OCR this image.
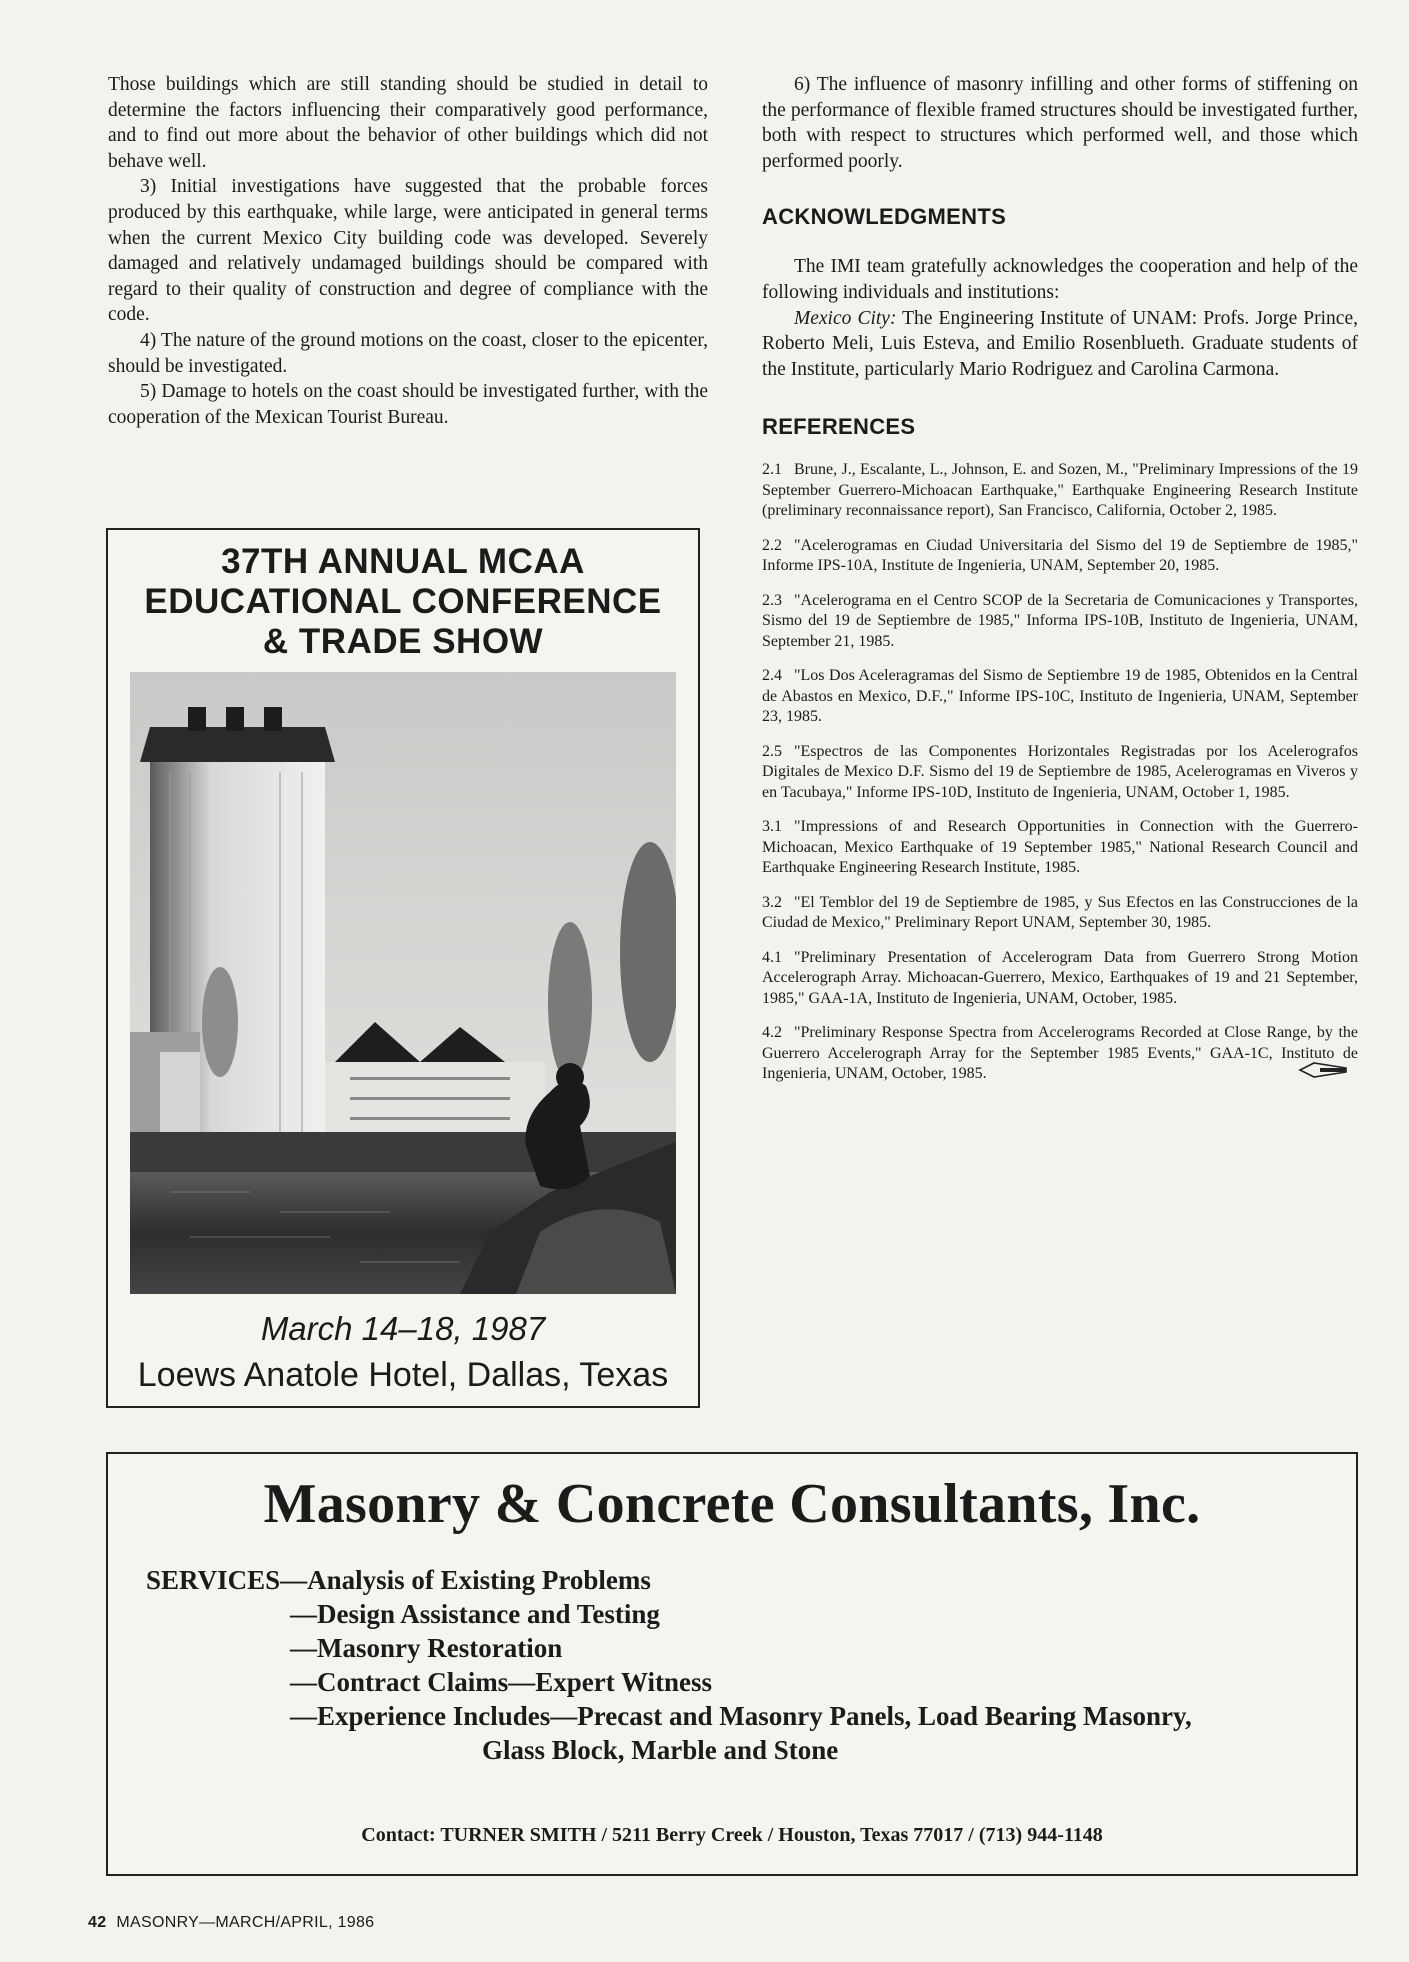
Those buildings which are still standing should be studied in detail to determine the factors influencing their comparatively good performance, and to find out more about the behavior of other buildings which did not behave well.

3) Initial investigations have suggested that the probable forces produced by this earthquake, while large, were anticipated in general terms when the current Mexico City building code was developed. Severely damaged and relatively undamaged buildings should be compared with regard to their quality of construction and degree of compliance with the code.

4) The nature of the ground motions on the coast, closer to the epicenter, should be investigated.

5) Damage to hotels on the coast should be investigated further, with the cooperation of the Mexican Tourist Bureau.

6) The influence of masonry infilling and other forms of stiffening on the performance of flexible framed structures should be investigated further, both with respect to structures which performed well, and those which performed poorly.

ACKNOWLEDGMENTS

The IMI team gratefully acknowledges the cooperation and help of the following individuals and institutions:

Mexico City: The Engineering Institute of UNAM: Profs. Jorge Prince, Roberto Meli, Luis Esteva, and Emilio Rosenblueth. Graduate students of the Institute, particularly Mario Rodriguez and Carolina Carmona.

REFERENCES

2.1 Brune, J., Escalante, L., Johnson, E. and Sozen, M., "Preliminary Impressions of the 19 September Guerrero-Michoacan Earthquake," Earthquake Engineering Research Institute (preliminary reconnaissance report), San Francisco, California, October 2, 1985.

2.2 "Acelerogramas en Ciudad Universitaria del Sismo del 19 de Septiembre de 1985," Informe IPS-10A, Institute de Ingenieria, UNAM, September 20, 1985.

2.3 "Acelerograma en el Centro SCOP de la Secretaria de Comunicaciones y Transportes, Sismo del 19 de Septiembre de 1985," Informa IPS-10B, Instituto de Ingenieria, UNAM, September 21, 1985.

2.4 "Los Dos Aceleragramas del Sismo de Septiembre 19 de 1985, Obtenidos en la Central de Abastos en Mexico, D.F.," Informe IPS-10C, Instituto de Ingenieria, UNAM, September 23, 1985.

2.5 "Espectros de las Componentes Horizontales Registradas por los Acelerografos Digitales de Mexico D.F. Sismo del 19 de Septiembre de 1985, Acelerogramas en Viveros y en Tacubaya," Informe IPS-10D, Instituto de Ingenieria, UNAM, October 1, 1985.

3.1 "Impressions of and Research Opportunities in Connection with the Guerrero-Michoacan, Mexico Earthquake of 19 September 1985," National Research Council and Earthquake Engineering Research Institute, 1985.

3.2 "El Temblor del 19 de Septiembre de 1985, y Sus Efectos en las Construcciones de la Ciudad de Mexico," Preliminary Report UNAM, September 30, 1985.

4.1 "Preliminary Presentation of Accelerogram Data from Guerrero Strong Motion Accelerograph Array. Michoacan-Guerrero, Mexico, Earthquakes of 19 and 21 September, 1985," GAA-1A, Instituto de Ingenieria, UNAM, October, 1985.

4.2 "Preliminary Response Spectra from Accelerograms Recorded at Close Range, by the Guerrero Accelerograph Array for the September 1985 Events," GAA-1C, Instituto de Ingenieria, UNAM, October, 1985.

37TH ANNUAL MCAA
EDUCATIONAL CONFERENCE
& TRADE SHOW
March 14–18, 1987
Loews Anatole Hotel, Dallas, Texas
Masonry & Concrete Consultants, Inc.
SERVICES—Analysis of Existing Problems
—Design Assistance and Testing
—Masonry Restoration
—Contract Claims—Expert Witness
—Experience Includes—Precast and Masonry Panels, Load Bearing Masonry,
Glass Block, Marble and Stone
Contact: TURNER SMITH / 5211 Berry Creek / Houston, Texas 77017 / (713) 944-1148
42 MASONRY—MARCH/APRIL, 1986
